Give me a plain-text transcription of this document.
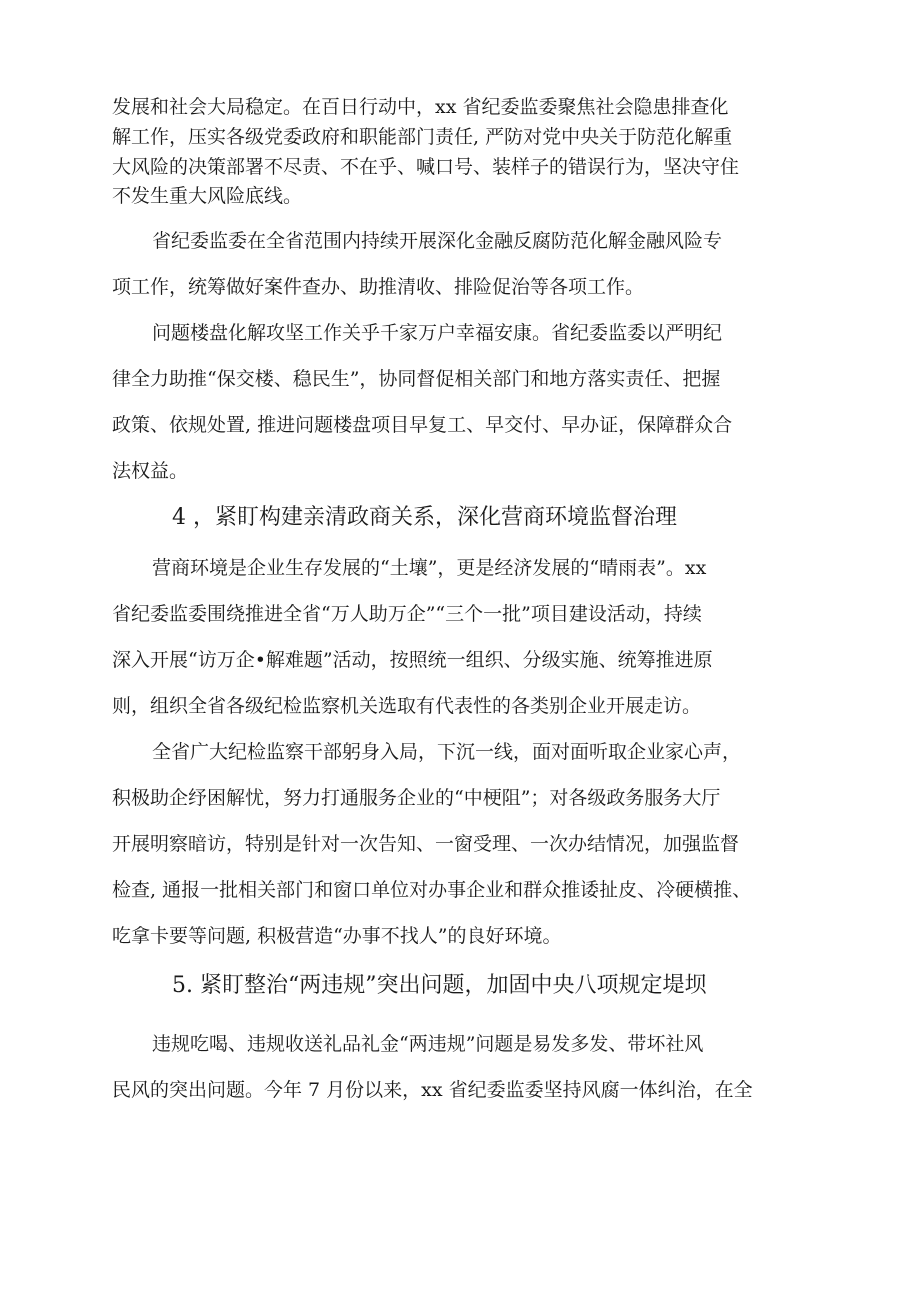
发展和社会大局稳定。在百日行动中，xx 省纪委监委聚焦社会隐患排查化
解工作，压实各级党委政府和职能部门责任, 严防对党中央关于防范化解重
大风险的决策部署不尽责、不在乎、喊口号、装样子的错误行为，坚决守住
不发生重大风险底线。
省纪委监委在全省范围内持续开展深化金融反腐防范化解金融风险专
项工作，统筹做好案件查办、助推清收、排险促治等各项工作。
问题楼盘化解攻坚工作关乎千家万户幸福安康。省纪委监委以严明纪
律全力助推“保交楼、稳民生”，协同督促相关部门和地方落实责任、把握
政策、依规处置, 推进问题楼盘项目早复工、早交付、早办证，保障群众合
法权益。
4 ，紧盯构建亲清政商关系，深化营商环境监督治理
营商环境是企业生存发展的“土壤”，更是经济发展的“晴雨表”。xx
省纪委监委围绕推进全省“万人助万企”“三个一批”项目建设活动，持续
深入开展“访万企•解难题”活动，按照统一组织、分级实施、统筹推进原
则，组织全省各级纪检监察机关选取有代表性的各类别企业开展走访。
全省广大纪检监察干部躬身入局，下沉一线，面对面听取企业家心声，
积极助企纾困解忧，努力打通服务企业的“中梗阻”；对各级政务服务大厅
开展明察暗访，特别是针对一次告知、一窗受理、一次办结情况，加强监督
检查, 通报一批相关部门和窗口单位对办事企业和群众推诿扯皮、冷硬横推、
吃拿卡要等问题, 积极营造“办事不找人”的良好环境。
5. 紧盯整治“两违规”突出问题，加固中央八项规定堤坝
违规吃喝、违规收送礼品礼金“两违规”问题是易发多发、带坏社风
民风的突出问题。今年 7 月份以来，xx 省纪委监委坚持风腐一体纠治，在全
